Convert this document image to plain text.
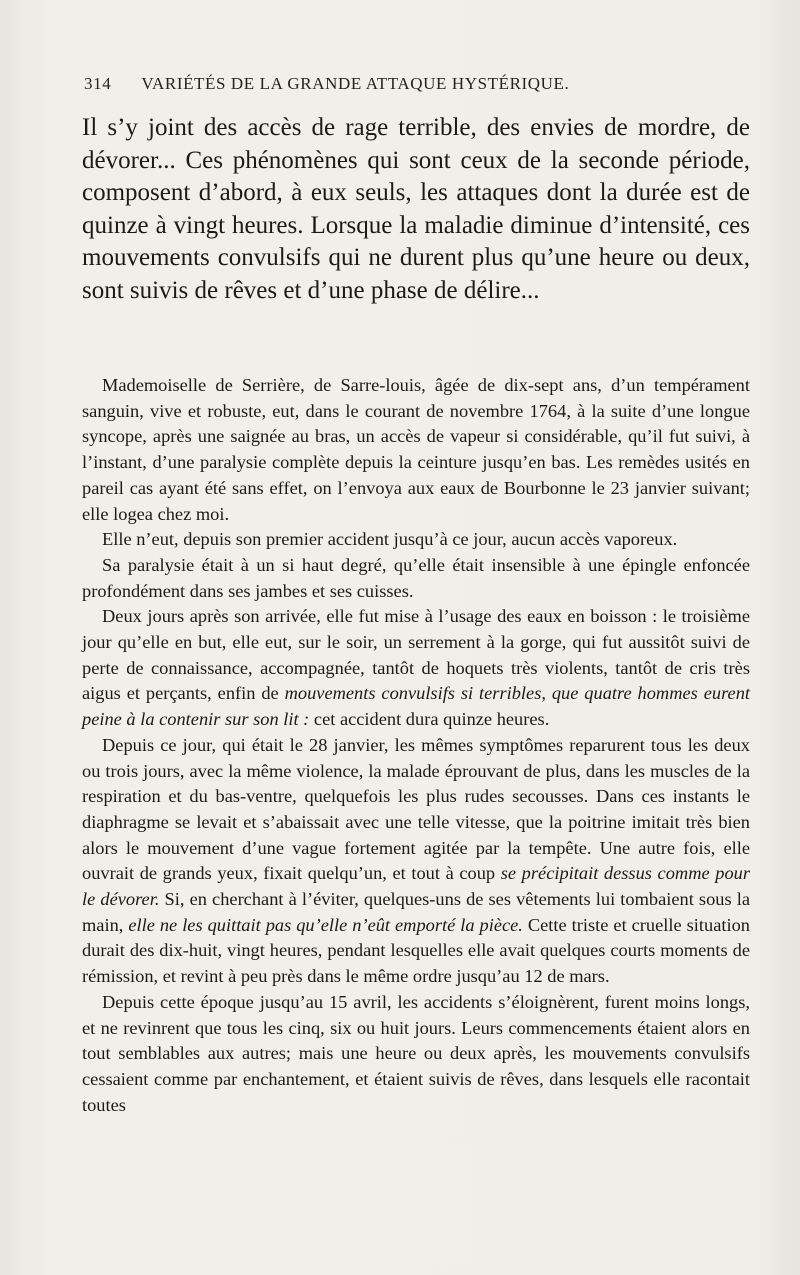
314 VARIÉTÉS DE LA GRANDE ATTAQUE HYSTÉRIQUE.
Il s’y joint des accès de rage terrible, des envies de mordre, de dévorer... Ces phénomènes qui sont ceux de la seconde période, composent d’abord, à eux seuls, les attaques dont la durée est de quinze à vingt heures. Lorsque la maladie diminue d’intensité, ces mouvements convulsifs qui ne durent plus qu’une heure ou deux, sont suivis de rêves et d’une phase de délire...

Mademoiselle de Serrière, de Sarre-louis, âgée de dix-sept ans, d’un tempérament sanguin, vive et robuste, eut, dans le courant de novembre 1764, à la suite d’une longue syncope, après une saignée au bras, un accès de vapeur si considérable, qu’il fut suivi, à l’instant, d’une paralysie complète depuis la ceinture jusqu’en bas. Les remèdes usités en pareil cas ayant été sans effet, on l’envoya aux eaux de Bourbonne le 23 janvier suivant; elle logea chez moi.

Elle n’eut, depuis son premier accident jusqu’à ce jour, aucun accès vaporeux.

Sa paralysie était à un si haut degré, qu’elle était insensible à une épingle enfoncée profondément dans ses jambes et ses cuisses.

Deux jours après son arrivée, elle fut mise à l’usage des eaux en boisson : le troisième jour qu’elle en but, elle eut, sur le soir, un serrement à la gorge, qui fut aussitôt suivi de perte de connaissance, accompagnée, tantôt de hoquets très violents, tantôt de cris très aigus et perçants, enfin de mouvements convulsifs si terribles, que quatre hommes eurent peine à la contenir sur son lit : cet accident dura quinze heures.

Depuis ce jour, qui était le 28 janvier, les mêmes symptômes reparurent tous les deux ou trois jours, avec la même violence, la malade éprouvant de plus, dans les muscles de la respiration et du bas-ventre, quelquefois les plus rudes secousses. Dans ces instants le diaphragme se levait et s’abaissait avec une telle vitesse, que la poitrine imitait très bien alors le mouvement d’une vague fortement agitée par la tempête. Une autre fois, elle ouvrait de grands yeux, fixait quelqu’un, et tout à coup se précipitait dessus comme pour le dévorer. Si, en cherchant à l’éviter, quelques-uns de ses vêtements lui tombaient sous la main, elle ne les quittait pas qu’elle n’eût emporté la pièce. Cette triste et cruelle situation durait des dix-huit, vingt heures, pendant lesquelles elle avait quelques courts moments de rémission, et revint à peu près dans le même ordre jusqu’au 12 de mars.

Depuis cette époque jusqu’au 15 avril, les accidents s’éloignèrent, furent moins longs, et ne revinrent que tous les cinq, six ou huit jours. Leurs commencements étaient alors en tout semblables aux autres; mais une heure ou deux après, les mouvements convulsifs cessaient comme par enchantement, et étaient suivis de rêves, dans lesquels elle racontait toutes
